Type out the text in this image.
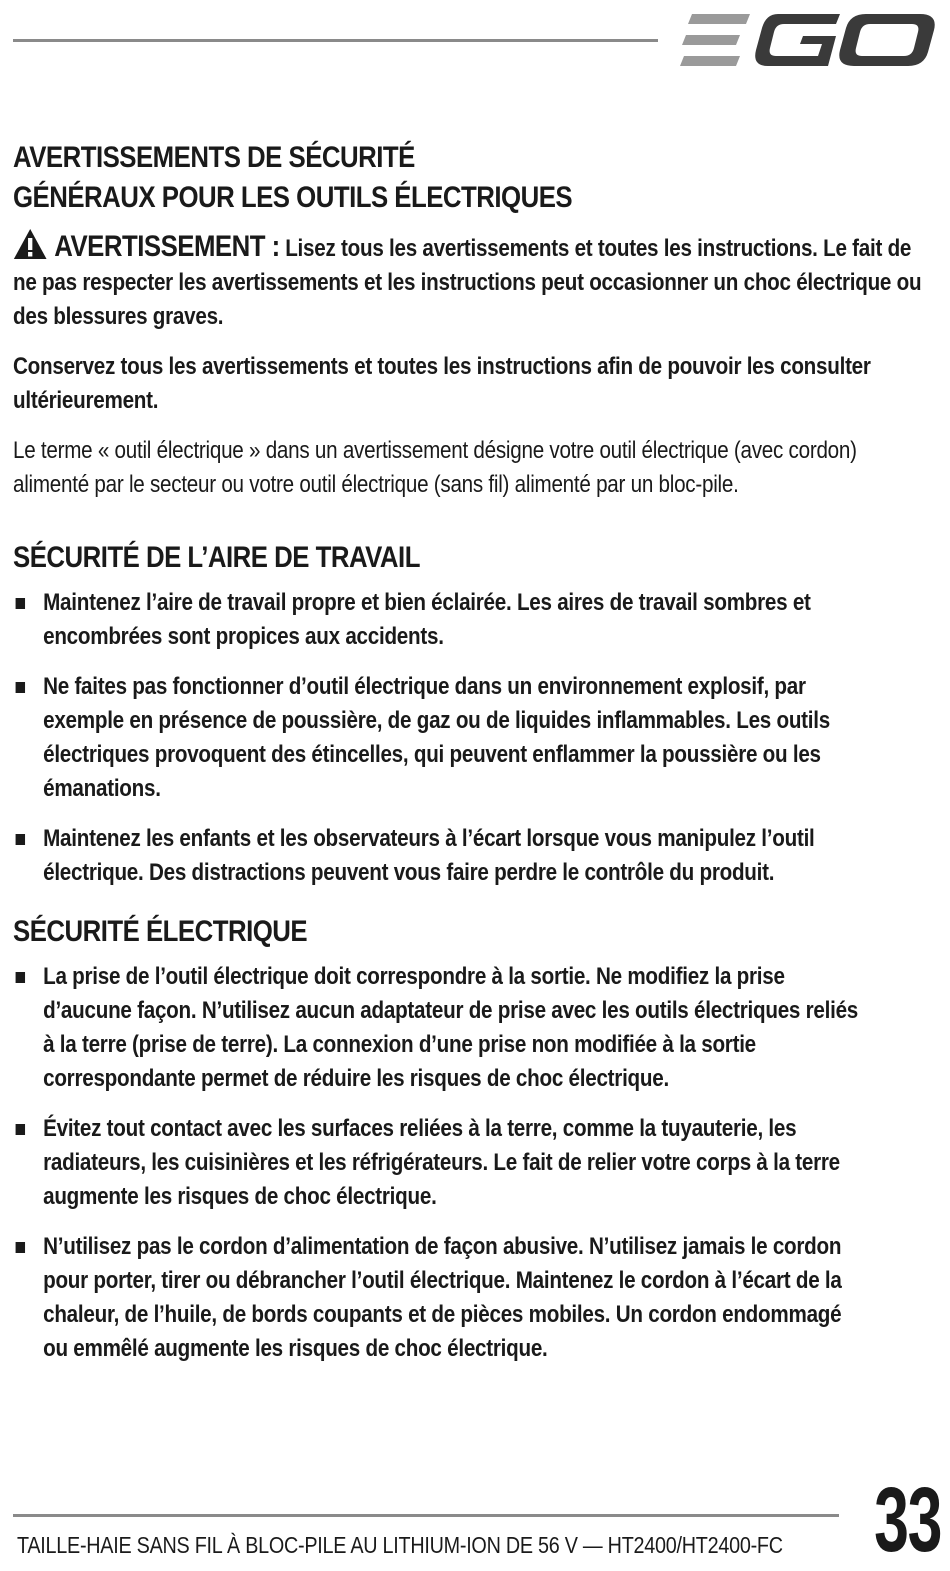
AVERTISSEMENTS DE SÉCURITÉ
GÉNÉRAUX POUR LES OUTILS ÉLECTRIQUES

AVERTISSEMENT : Lisez tous les avertissements et toutes les instructions. Le fait de ne pas respecter les avertissements et les instructions peut occasionner un choc électrique ou des blessures graves.

Conservez tous les avertissements et toutes les instructions afin de pouvoir les consulter ultérieurement.

Le terme « outil électrique » dans un avertissement désigne votre outil électrique (avec cordon) alimenté par le secteur ou votre outil électrique (sans fil) alimenté par un bloc-pile.

SÉCURITÉ DE L’AIRE DE TRAVAIL
Maintenez l’aire de travail propre et bien éclairée. Les aires de travail sombres et encombrées sont propices aux accidents.
Ne faites pas fonctionner d’outil électrique dans un environnement explosif, par exemple en présence de poussière, de gaz ou de liquides inflammables. Les outils électriques provoquent des étincelles, qui peuvent enflammer la poussière ou les émanations.
Maintenez les enfants et les observateurs à l’écart lorsque vous manipulez l’outil électrique. Des distractions peuvent vous faire perdre le contrôle du produit.
SÉCURITÉ ÉLECTRIQUE
La prise de l’outil électrique doit correspondre à la sortie. Ne modifiez la prise d’aucune façon. N’utilisez aucun adaptateur de prise avec les outils électriques reliés à la terre (prise de terre). La connexion d’une prise non modifiée à la sortie correspondante permet de réduire les risques de choc électrique.
Évitez tout contact avec les surfaces reliées à la terre, comme la tuyauterie, les radiateurs, les cuisinières et les réfrigérateurs. Le fait de relier votre corps à la terre augmente les risques de choc électrique.
N’utilisez pas le cordon d’alimentation de façon abusive. N’utilisez jamais le cordon pour porter, tirer ou débrancher l’outil électrique. Maintenez le cordon à l’écart de la chaleur, de l’huile, de bords coupants et de pièces mobiles. Un cordon endommagé ou emmêlé augmente les risques de choc électrique.
TAILLE-HAIE SANS FIL À BLOC-PILE AU LITHIUM-ION DE 56 V — HT2400/HT2400-FC 33
